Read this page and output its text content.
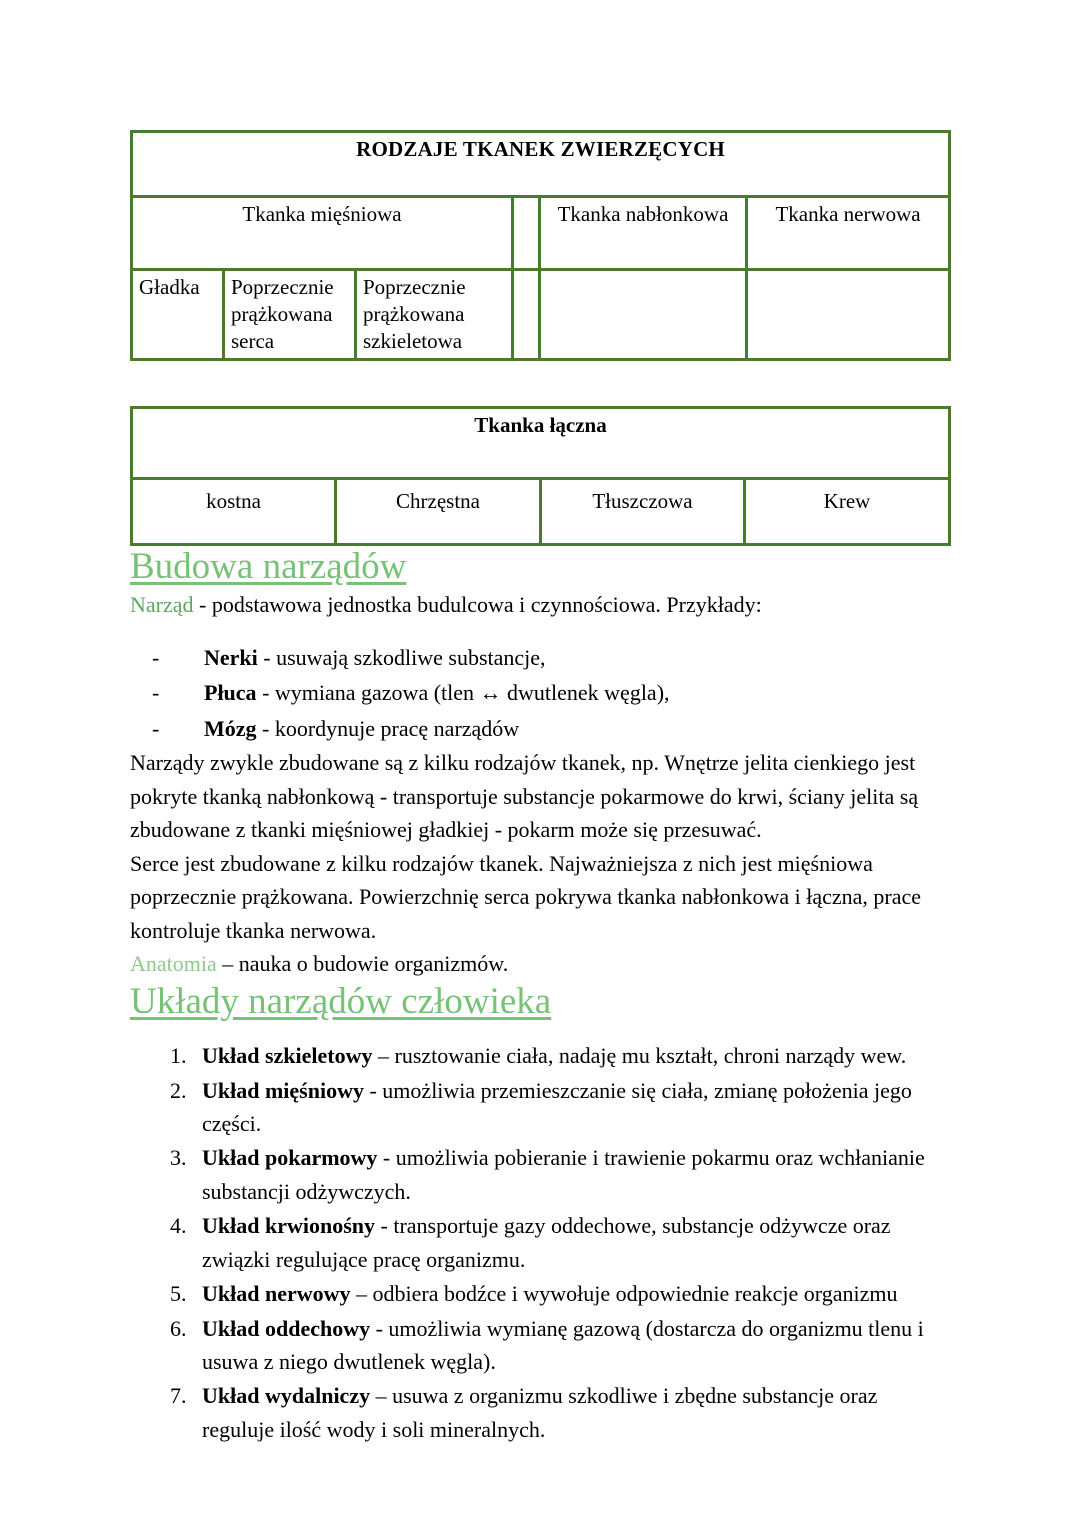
RODZAJE TKANEK ZWIERZĘCYCH					
Tkanka mięśniowa				Tkanka nabłonkowa	Tkanka nerwowa
Gładka	Poprzecznie prążkowana serca	Poprzecznie prążkowana szkieletowa			
Tkanka łączna
kostna	Chrzęstna	Tłuszczowa	Krew
Budowa narządów

Narząd - podstawowa jednostka budulcowa i czynnościowa. Przykłady:

- Nerki - usuwają szkodliwe substancje,
- Płuca - wymiana gazowa (tlen ↔ dwutlenek węgla),
- Mózg - koordynuje pracę narządów

Narządy zwykle zbudowane są z kilku rodzajów tkanek, np. Wnętrze jelita cienkiego jest pokryte tkanką nabłonkową - transportuje substancje pokarmowe do krwi, ściany jelita są zbudowane z tkanki mięśniowej gładkiej - pokarm może się przesuwać.

Serce jest zbudowane z kilku rodzajów tkanek. Najważniejsza z nich jest mięśniowa poprzecznie prążkowana. Powierzchnię serca pokrywa tkanka nabłonkowa i łączna, prace kontroluje tkanka nerwowa.

Anatomia – nauka o budowie organizmów.

Układy narządów człowieka
1. Układ szkieletowy – rusztowanie ciała, nadaję mu kształt, chroni narządy wew.
2. Układ mięśniowy - umożliwia przemieszczanie się ciała, zmianę położenia jego części.
3. Układ pokarmowy - umożliwia pobieranie i trawienie pokarmu oraz wchłanianie substancji odżywczych.
4. Układ krwionośny - transportuje gazy oddechowe, substancje odżywcze oraz związki regulujące pracę organizmu.
5. Układ nerwowy – odbiera bodźce i wywołuje odpowiednie reakcje organizmu
6. Układ oddechowy - umożliwia wymianę gazową (dostarcza do organizmu tlenu i usuwa z niego dwutlenek węgla).
7. Układ wydalniczy – usuwa z organizmu szkodliwe i zbędne substancje oraz reguluje ilość wody i soli mineralnych.
